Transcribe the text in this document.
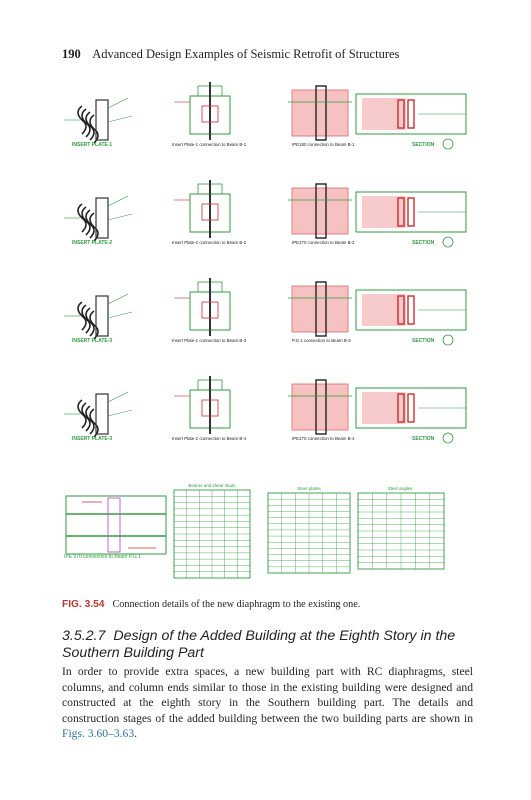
190 Advanced Design Examples of Seismic Retrofit of Structures
INSERT PLATE-1	Insert Plate-1 connection to Beam B-1	IPE180 connection to Beam B-1	SECTION
INSERT PLATE-2	Insert Plate-2 connection to Beam B-2	IPE270 connection to Beam B-2	SECTION
INSERT PLATE-3	Insert Plate-1 connection to Beam B-3	P.G.1 connection to Beam B-3	SECTION
INSERT PLATE-3	Insert Plate-2 connection to Beam B-4	IPE270 connection to Beam B-4	SECTION
IPE 270 connection to Beam P.G.1
Beams and shear studs
Steel plates	Steel angles
FIG. 3.54 Connection details of the new diaphragm to the existing one.
3.5.2.7 Design of the Added Building at the Eighth Story in the Southern Building Part
In order to provide extra spaces, a new building part with RC diaphragms, steel columns, and column ends similar to those in the existing building were designed and constructed at the eighth story in the Southern building part. The details and construction stages of the added building between the two building parts are shown in Figs. 3.60–3.63.
